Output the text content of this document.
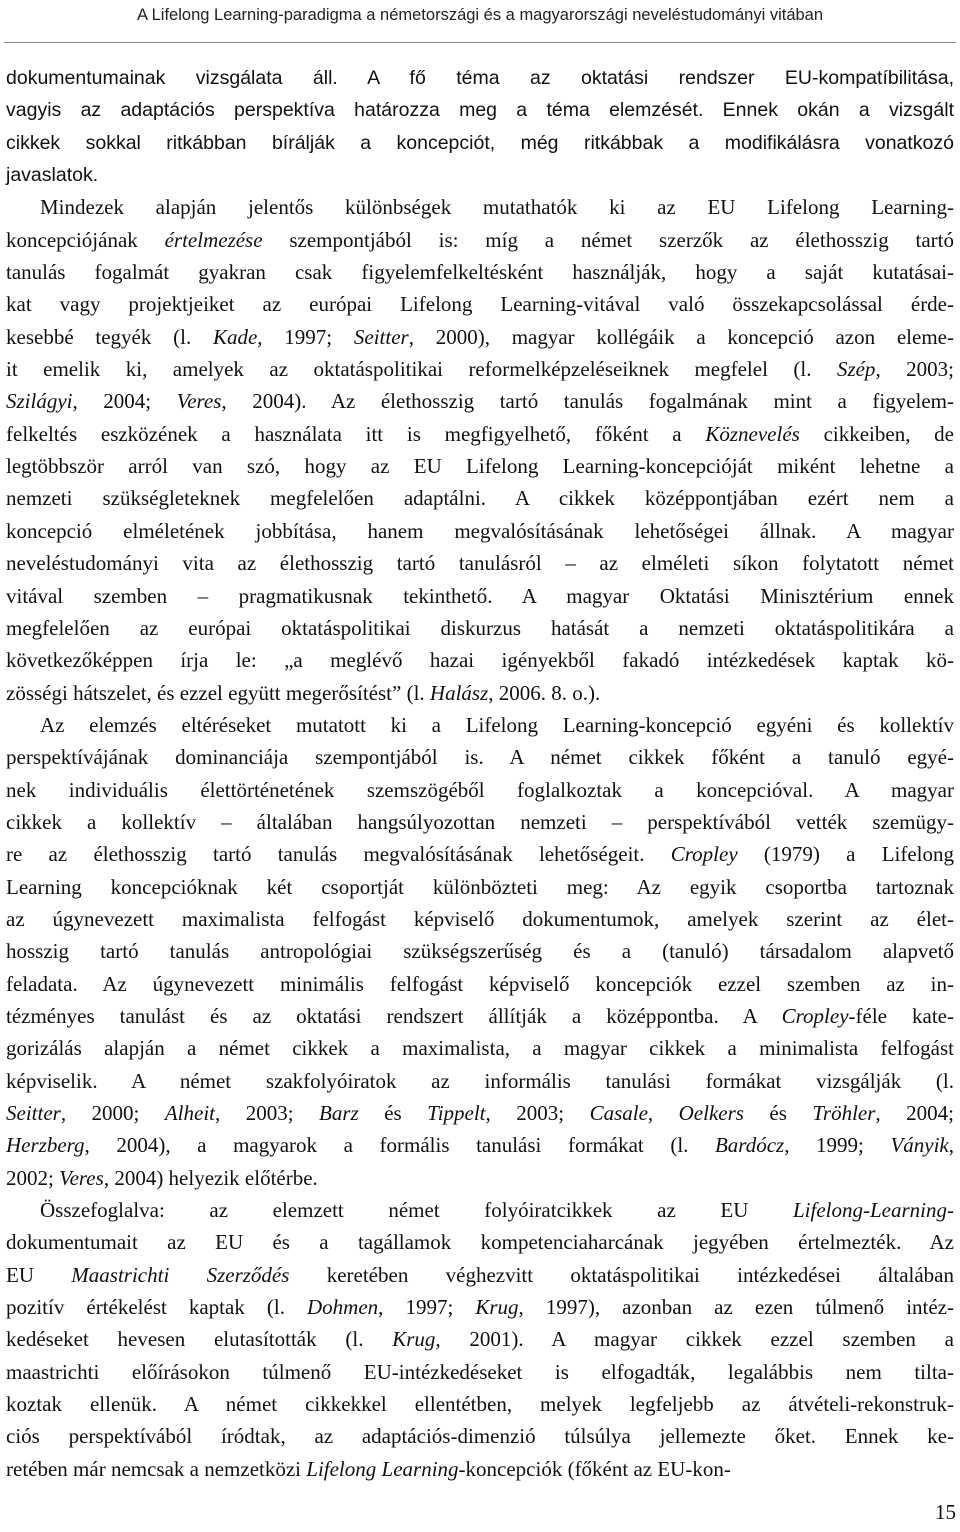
A Lifelong Learning-paradigma a németországi és a magyarországi neveléstudományi vitában
dokumentumainak vizsgálata áll. A fő téma az oktatási rendszer EU-kompatíbilitása,
vagyis az adaptációs perspektíva határozza meg a téma elemzését. Ennek okán a vizsgált
cikkek sokkal ritkábban bírálják a koncepciót, még ritkábbak a modifikálásra vonatkozó
javaslatok.
Mindezek alapján jelentős különbségek mutathatók ki az EU Lifelong Learning-
koncepciójának értelmezése szempontjából is: míg a német szerzők az élethosszig tartó
tanulás fogalmát gyakran csak figyelemfelkeltésként használják, hogy a saját kutatásai-
kat vagy projektjeiket az európai Lifelong Learning-vitával való összekapcsolással érde-
kesebbé tegyék (l. Kade, 1997; Seitter, 2000), magyar kollégáik a koncepció azon eleme-
it emelik ki, amelyek az oktatáspolitikai reformelképzeléseiknek megfelel (l. Szép, 2003;
Szilágyi, 2004; Veres, 2004). Az élethosszig tartó tanulás fogalmának mint a figyelem-
felkeltés eszközének a használata itt is megfigyelhető, főként a Köznevelés cikkeiben, de
legtöbbször arról van szó, hogy az EU Lifelong Learning-koncepcióját miként lehetne a
nemzeti szükségleteknek megfelelően adaptálni. A cikkek középpontjában ezért nem a
koncepció elméletének jobbítása, hanem megvalósításának lehetőségei állnak. A magyar
neveléstudományi vita az élethosszig tartó tanulásról – az elméleti síkon folytatott német
vitával szemben – pragmatikusnak tekinthető. A magyar Oktatási Minisztérium ennek
megfelelően az európai oktatáspolitikai diskurzus hatását a nemzeti oktatáspolitikára a
következőképpen írja le: „a meglévő hazai igényekből fakadó intézkedések kaptak kö-
zösségi hátszelet, és ezzel együtt megerősítést” (l. Halász, 2006. 8. o.).
Az elemzés eltéréseket mutatott ki a Lifelong Learning-koncepció egyéni és kollektív
perspektívájának dominanciája szempontjából is. A német cikkek főként a tanuló egyé-
nek individuális élettörténetének szemszögéből foglalkoztak a koncepcióval. A magyar
cikkek a kollektív – általában hangsúlyozottan nemzeti – perspektívából vették szemügy-
re az élethosszig tartó tanulás megvalósításának lehetőségeit. Cropley (1979) a Lifelong
Learning koncepcióknak két csoportját különbözteti meg: Az egyik csoportba tartoznak
az úgynevezett maximalista felfogást képviselő dokumentumok, amelyek szerint az élet-
hosszig tartó tanulás antropológiai szükségszerűség és a (tanuló) társadalom alapvető
feladata. Az úgynevezett minimális felfogást képviselő koncepciók ezzel szemben az in-
tézményes tanulást és az oktatási rendszert állítják a középpontba. A Cropley-féle kate-
gorizálás alapján a német cikkek a maximalista, a magyar cikkek a minimalista felfogást
képviselik. A német szakfolyóiratok az informális tanulási formákat vizsgálják (l.
Seitter, 2000; Alheit, 2003; Barz és Tippelt, 2003; Casale, Oelkers és Tröhler, 2004;
Herzberg, 2004), a magyarok a formális tanulási formákat (l. Bardócz, 1999; Ványik,
2002; Veres, 2004) helyezik előtérbe.
Összefoglalva: az elemzett német folyóiratcikkek az EU Lifelong-Learning-
dokumentumait az EU és a tagállamok kompetenciaharcának jegyében értelmezték. Az
EU Maastrichti Szerződés keretében véghezvitt oktatáspolitikai intézkedései általában
pozitív értékelést kaptak (l. Dohmen, 1997; Krug, 1997), azonban az ezen túlmenő intéz-
kedéseket hevesen elutasították (l. Krug, 2001). A magyar cikkek ezzel szemben a
maastrichti előírásokon túlmenő EU-intézkedéseket is elfogadták, legalábbis nem tilta-
koztak ellenük. A német cikkekkel ellentétben, melyek legfeljebb az átvételi-rekonstruk-
ciós perspektívából íródtak, az adaptációs-dimenzió túlsúlya jellemezte őket. Ennek ke-
retében már nemcsak a nemzetközi Lifelong Learning-koncepciók (főként az EU-kon-
15
